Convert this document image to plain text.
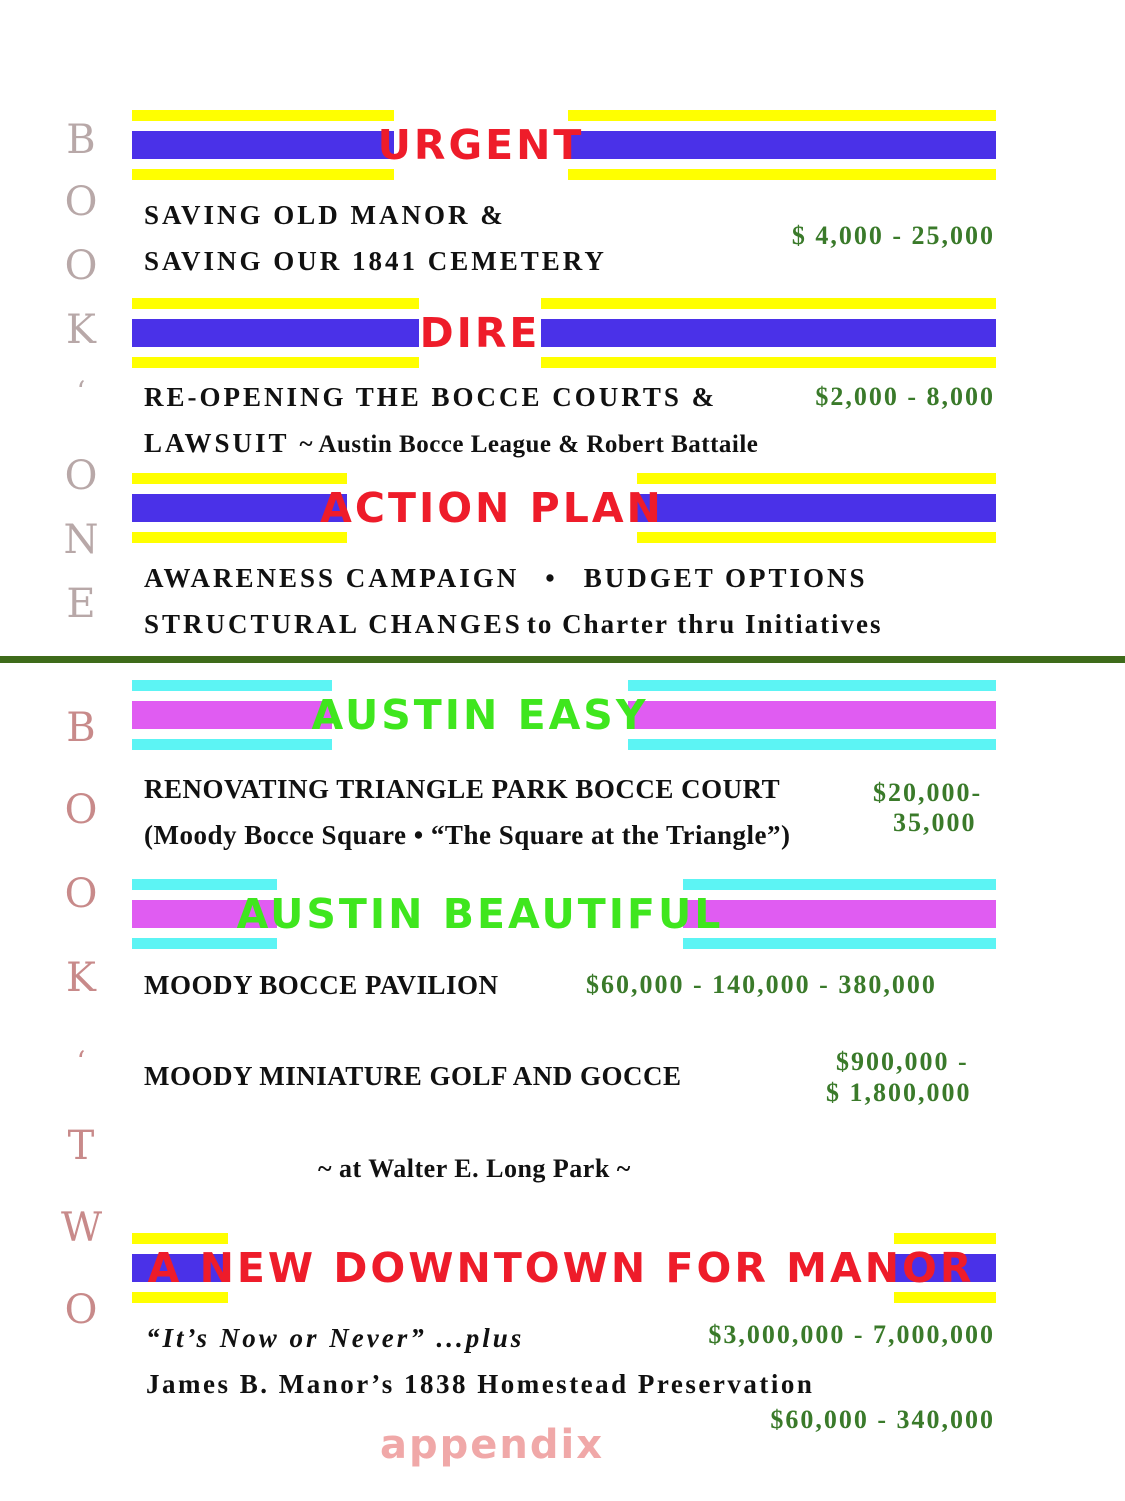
B
O
O
K
‘
O
N
E
URGENT
SAVING OLD MANOR &
SAVING OUR 1841 CEMETERY
$ 4,000 - 25,000
DIRE
RE-OPENING THE BOCCE COURTS &	$2,000 - 8,000
LAWSUIT ~ Austin Bocce League & Robert Battaile
ACTION PLAN
AWARENESS CAMPAIGN • BUDGET OPTIONS
STRUCTURAL CHANGES to Charter thru Initiatives
B
O
O
K
‘
T
W
O
AUSTIN EASY
RENOVATING TRIANGLE PARK BOCCE COURT
(Moody Bocce Square • “The Square at the Triangle”)
$20,000-
35,000
AUSTIN BEAUTIFUL
MOODY BOCCE PAVILION	$60,000 - 140,000 - 380,000
MOODY MINIATURE GOLF AND GOCCE	$900,000 -
$ 1,800,000
~ at Walter E. Long Park ~
A NEW DOWNTOWN FOR MANOR
“It’s Now or Never” ...plus	$3,000,000 - 7,000,000
James B. Manor’s 1838 Homestead Preservation
$60,000 - 340,000
appendix
